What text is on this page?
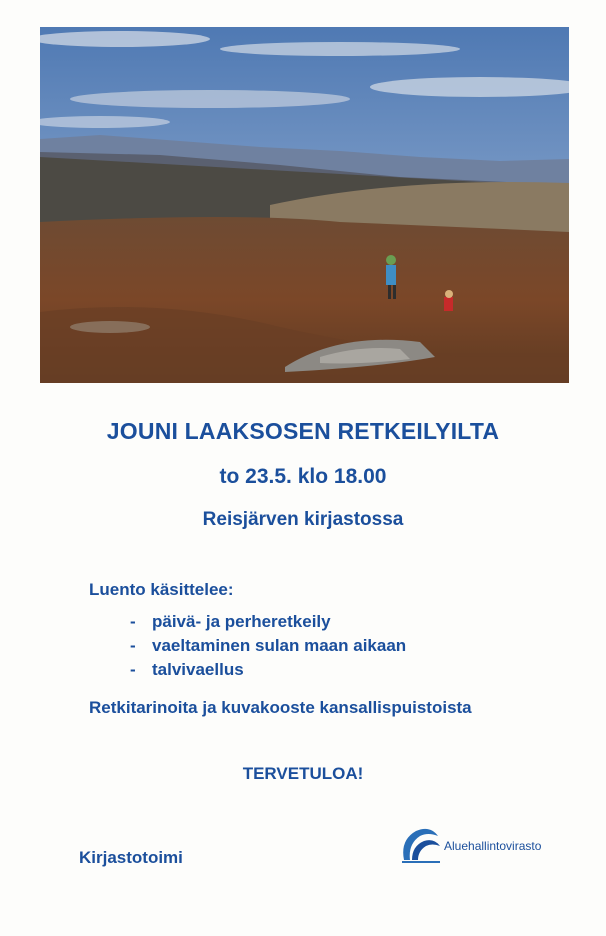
JOUNI LAAKSOSEN RETKEILYILTA
to 23.5. klo 18.00
Reisjärven kirjastossa
Luento käsittelee:
- päivä- ja perheretkeily
- vaeltaminen sulan maan aikaan
- talvivaellus
Retkitarinoita ja kuvakooste kansallispuistoista
TERVETULOA!
Kirjastotoimi
Aluehallintovirasto
